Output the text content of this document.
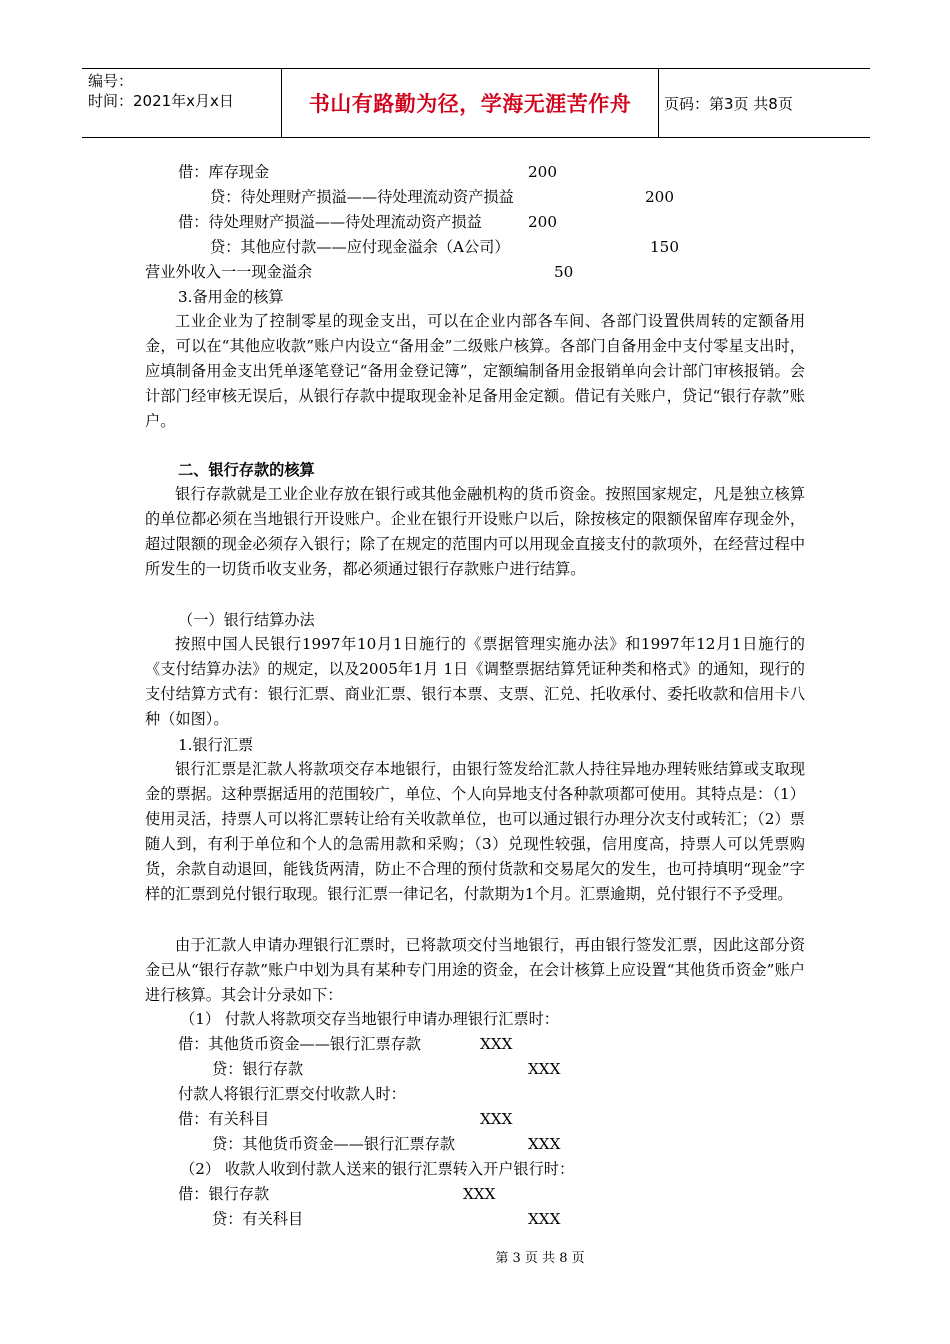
编号：
时间：2021年x月x日	书山有路勤为径，学海无涯苦作舟	页码：第3页 共8页
借：库存现金	200
贷：待处理财产损溢——待处理流动资产损益	200
借：待处理财产损溢——待处理流动资产损益	200
贷：其他应付款——应付现金溢余（A公司）	150
营业外收入一一现金溢余	50
3.备用金的核算
工业企业为了控制零星的现金支出，可以在企业内部各车间、各部门设置供周转的定额备用金，可以在“其他应收款”账户内设立“备用金”二级账户核算。各部门自备用金中支付零星支出时，应填制备用金支出凭单逐笔登记“备用金登记簿”，定额编制备用金报销单向会计部门审核报销。会计部门经审核无误后，从银行存款中提取现金补足备用金定额。借记有关账户，贷记“银行存款”账户。
二、银行存款的核算
银行存款就是工业企业存放在银行或其他金融机构的货币资金。按照国家规定，凡是独立核算的单位都必须在当地银行开设账户。企业在银行开设账户以后，除按核定的限额保留库存现金外，超过限额的现金必须存入银行；除了在规定的范围内可以用现金直接支付的款项外，在经营过程中所发生的一切货币收支业务，都必须通过银行存款账户进行结算。
（一）银行结算办法
按照中国人民银行1997年10月1日施行的《票据管理实施办法》和1997年12月1日施行的《支付结算办法》的规定，以及2005年1月 1日《调整票据结算凭证种类和格式》的通知，现行的支付结算方式有：银行汇票、商业汇票、银行本票、支票、汇兑、托收承付、委托收款和信用卡八种（如图）。
1.银行汇票
银行汇票是汇款人将款项交存本地银行，由银行签发给汇款人持往异地办理转账结算或支取现金的票据。这种票据适用的范围较广，单位、个人向异地支付各种款项都可使用。其特点是：（1）使用灵活，持票人可以将汇票转让给有关收款单位，也可以通过银行办理分次支付或转汇；（2）票随人到，有利于单位和个人的急需用款和采购；（3）兑现性较强，信用度高，持票人可以凭票购货，余款自动退回，能钱货两清，防止不合理的预付货款和交易尾欠的发生，也可持填明“现金”字样的汇票到兑付银行取现。银行汇票一律记名，付款期为1个月。汇票逾期，兑付银行不予受理。
由于汇款人申请办理银行汇票时，已将款项交付当地银行，再由银行签发汇票，因此这部分资金已从“银行存款”账户中划为具有某种专门用途的资金，在会计核算上应设置“其他货币资金”账户进行核算。其会计分录如下：
（1） 付款人将款项交存当地银行申请办理银行汇票时：
借：其他货币资金——银行汇票存款	XXX
贷：银行存款	XXX
付款人将银行汇票交付收款人时：
借：有关科目	XXX
贷：其他货币资金——银行汇票存款	XXX
（2） 收款人收到付款人送来的银行汇票转入开户银行时：
借：银行存款	XXX
贷：有关科目	XXX
第 3 页 共 8 页
